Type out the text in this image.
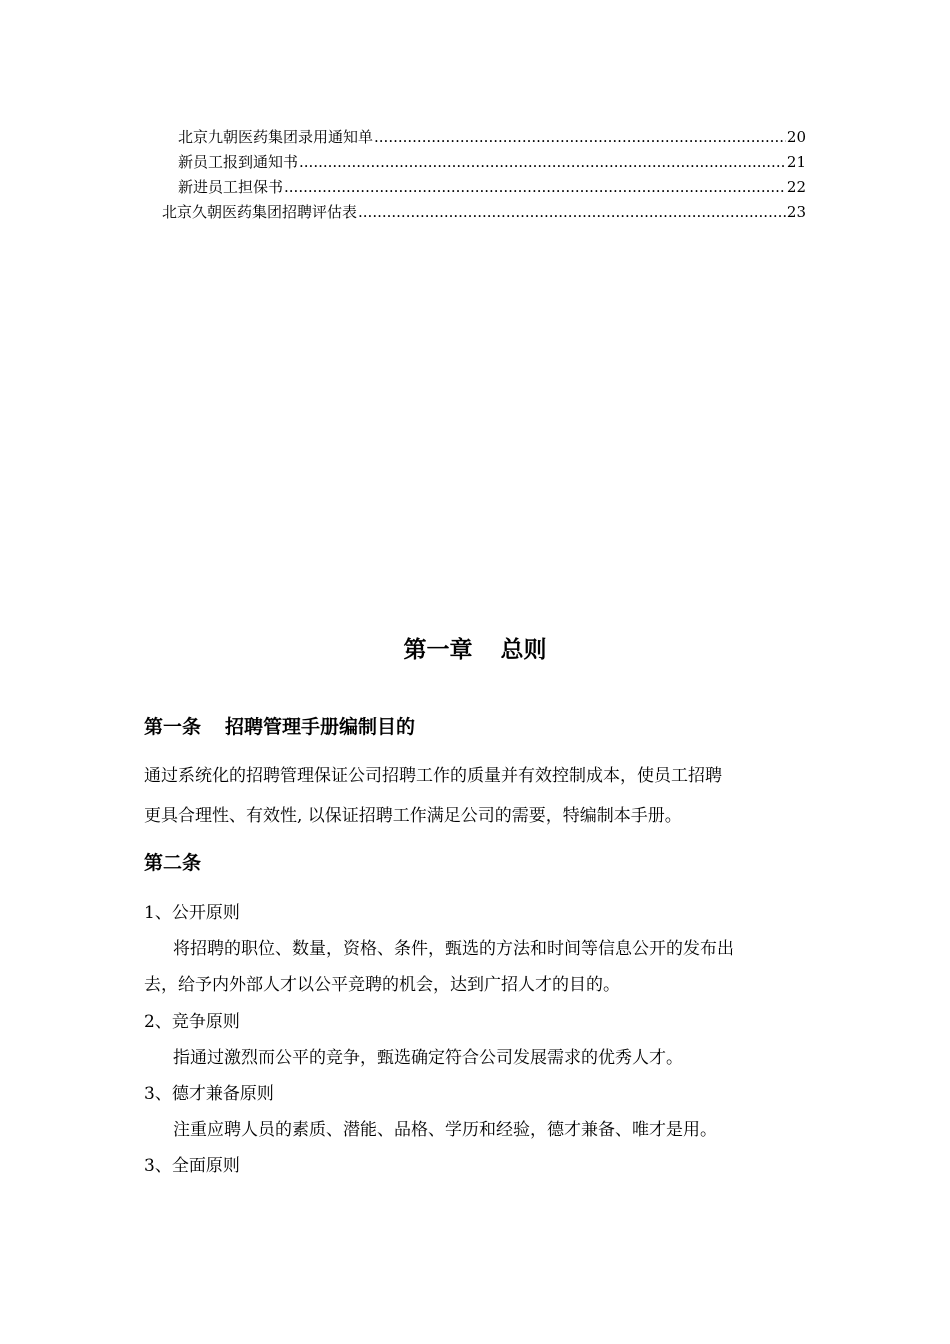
北京九朝医药集团录用通知单 .....	20
新员工报到通知书 .....	21
新进员工担保书 .....	22
北京久朝医药集团招聘评估表 .....	23
第一章 总则
第一条 招聘管理手册编制目的
通过系统化的招聘管理保证公司招聘工作的质量并有效控制成本，使员工招聘
更具合理性、有效性, 以保证招聘工作满足公司的需要，特编制本手册。
第二条
1、公开原则
将招聘的职位、数量，资格、条件，甄选的方法和时间等信息公开的发布出
去，给予内外部人才以公平竞聘的机会，达到广招人才的目的。
2、竞争原则
指通过激烈而公平的竞争，甄选确定符合公司发展需求的优秀人才。
3、德才兼备原则
注重应聘人员的素质、潜能、品格、学历和经验，德才兼备、唯才是用。
3、全面原则
